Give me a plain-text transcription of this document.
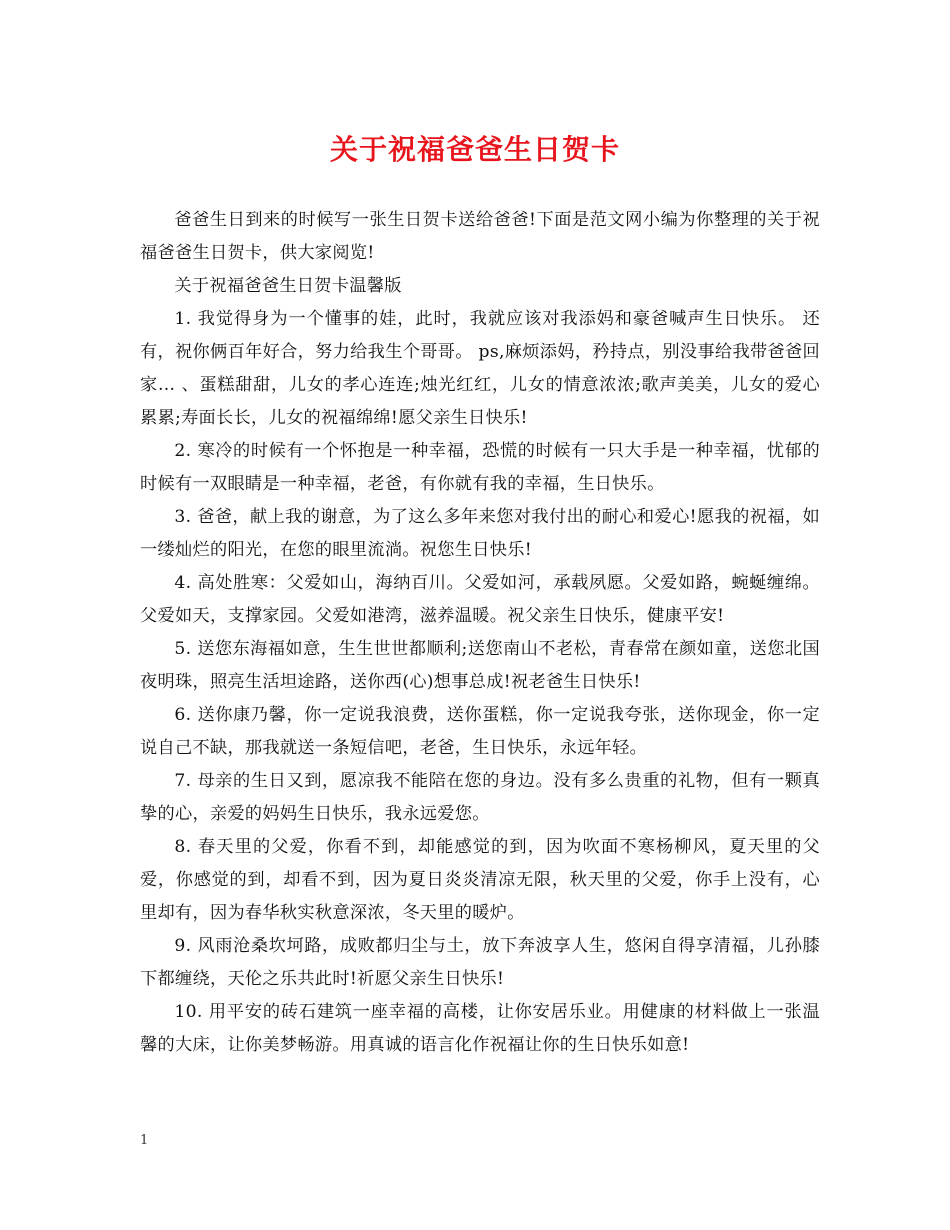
关于祝福爸爸生日贺卡

爸爸生日到来的时候写一张生日贺卡送给爸爸!下面是范文网小编为你整理的关于祝福爸爸生日贺卡，供大家阅览!

关于祝福爸爸生日贺卡温馨版

1. 我觉得身为一个懂事的娃，此时，我就应该对我添妈和豪爸喊声生日快乐。 还有，祝你俩百年好合，努力给我生个哥哥。 ps,麻烦添妈，矜持点，别没事给我带爸爸回家… 、蛋糕甜甜，儿女的孝心连连;烛光红红，儿女的情意浓浓;歌声美美，儿女的爱心累累;寿面长长，儿女的祝福绵绵!愿父亲生日快乐!

2. 寒冷的时候有一个怀抱是一种幸福，恐慌的时候有一只大手是一种幸福，忧郁的时候有一双眼睛是一种幸福，老爸，有你就有我的幸福，生日快乐。

3. 爸爸，献上我的谢意，为了这么多年来您对我付出的耐心和爱心!愿我的祝福，如一缕灿烂的阳光，在您的眼里流淌。祝您生日快乐!

4. 高处胜寒：父爱如山，海纳百川。父爱如河，承载夙愿。父爱如路，蜿蜒缠绵。父爱如天，支撑家园。父爱如港湾，滋养温暖。祝父亲生日快乐，健康平安!

5. 送您东海福如意，生生世世都顺利;送您南山不老松，青春常在颜如童，送您北国夜明珠，照亮生活坦途路，送你西(心)想事总成!祝老爸生日快乐!

6. 送你康乃馨，你一定说我浪费，送你蛋糕，你一定说我夸张，送你现金，你一定说自己不缺，那我就送一条短信吧，老爸，生日快乐，永远年轻。

7. 母亲的生日又到，愿凉我不能陪在您的身边。没有多么贵重的礼物，但有一颗真挚的心，亲爱的妈妈生日快乐，我永远爱您。

8. 春天里的父爱，你看不到，却能感觉的到，因为吹面不寒杨柳风，夏天里的父爱，你感觉的到，却看不到，因为夏日炎炎清凉无限，秋天里的父爱，你手上没有，心里却有，因为春华秋实秋意深浓，冬天里的暖炉。

9. 风雨沧桑坎坷路，成败都归尘与土，放下奔波享人生，悠闲自得享清福，儿孙膝下都缠绕，天伦之乐共此时!祈愿父亲生日快乐!

10. 用平安的砖石建筑一座幸福的高楼，让你安居乐业。用健康的材料做上一张温馨的大床，让你美梦畅游。用真诚的语言化作祝福让你的生日快乐如意!

1
